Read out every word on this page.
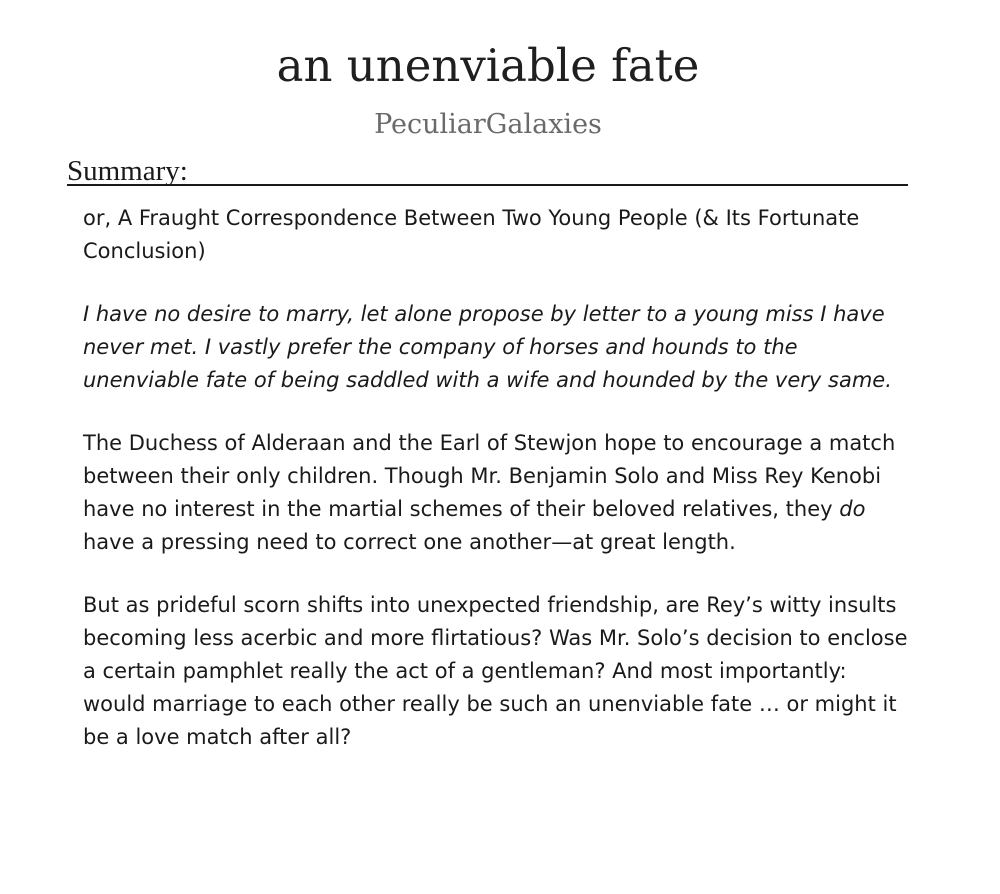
an unenviable fate
PeculiarGalaxies
Summary:

or, A Fraught Correspondence Between Two Young People (& Its Fortunate Conclusion)

I have no desire to marry, let alone propose by letter to a young miss I have never met. I vastly prefer the company of horses and hounds to the unenviable fate of being saddled with a wife and hounded by the very same.

The Duchess of Alderaan and the Earl of Stewjon hope to encourage a match between their only children. Though Mr. Benjamin Solo and Miss Rey Kenobi have no interest in the martial schemes of their beloved relatives, they do have a pressing need to correct one another—at great length.

But as prideful scorn shifts into unexpected friendship, are Rey’s witty insults becoming less acerbic and more flirtatious? Was Mr. Solo’s decision to enclose a certain pamphlet really the act of a gentleman? And most importantly: would marriage to each other really be such an unenviable fate … or might it be a love match after all?
